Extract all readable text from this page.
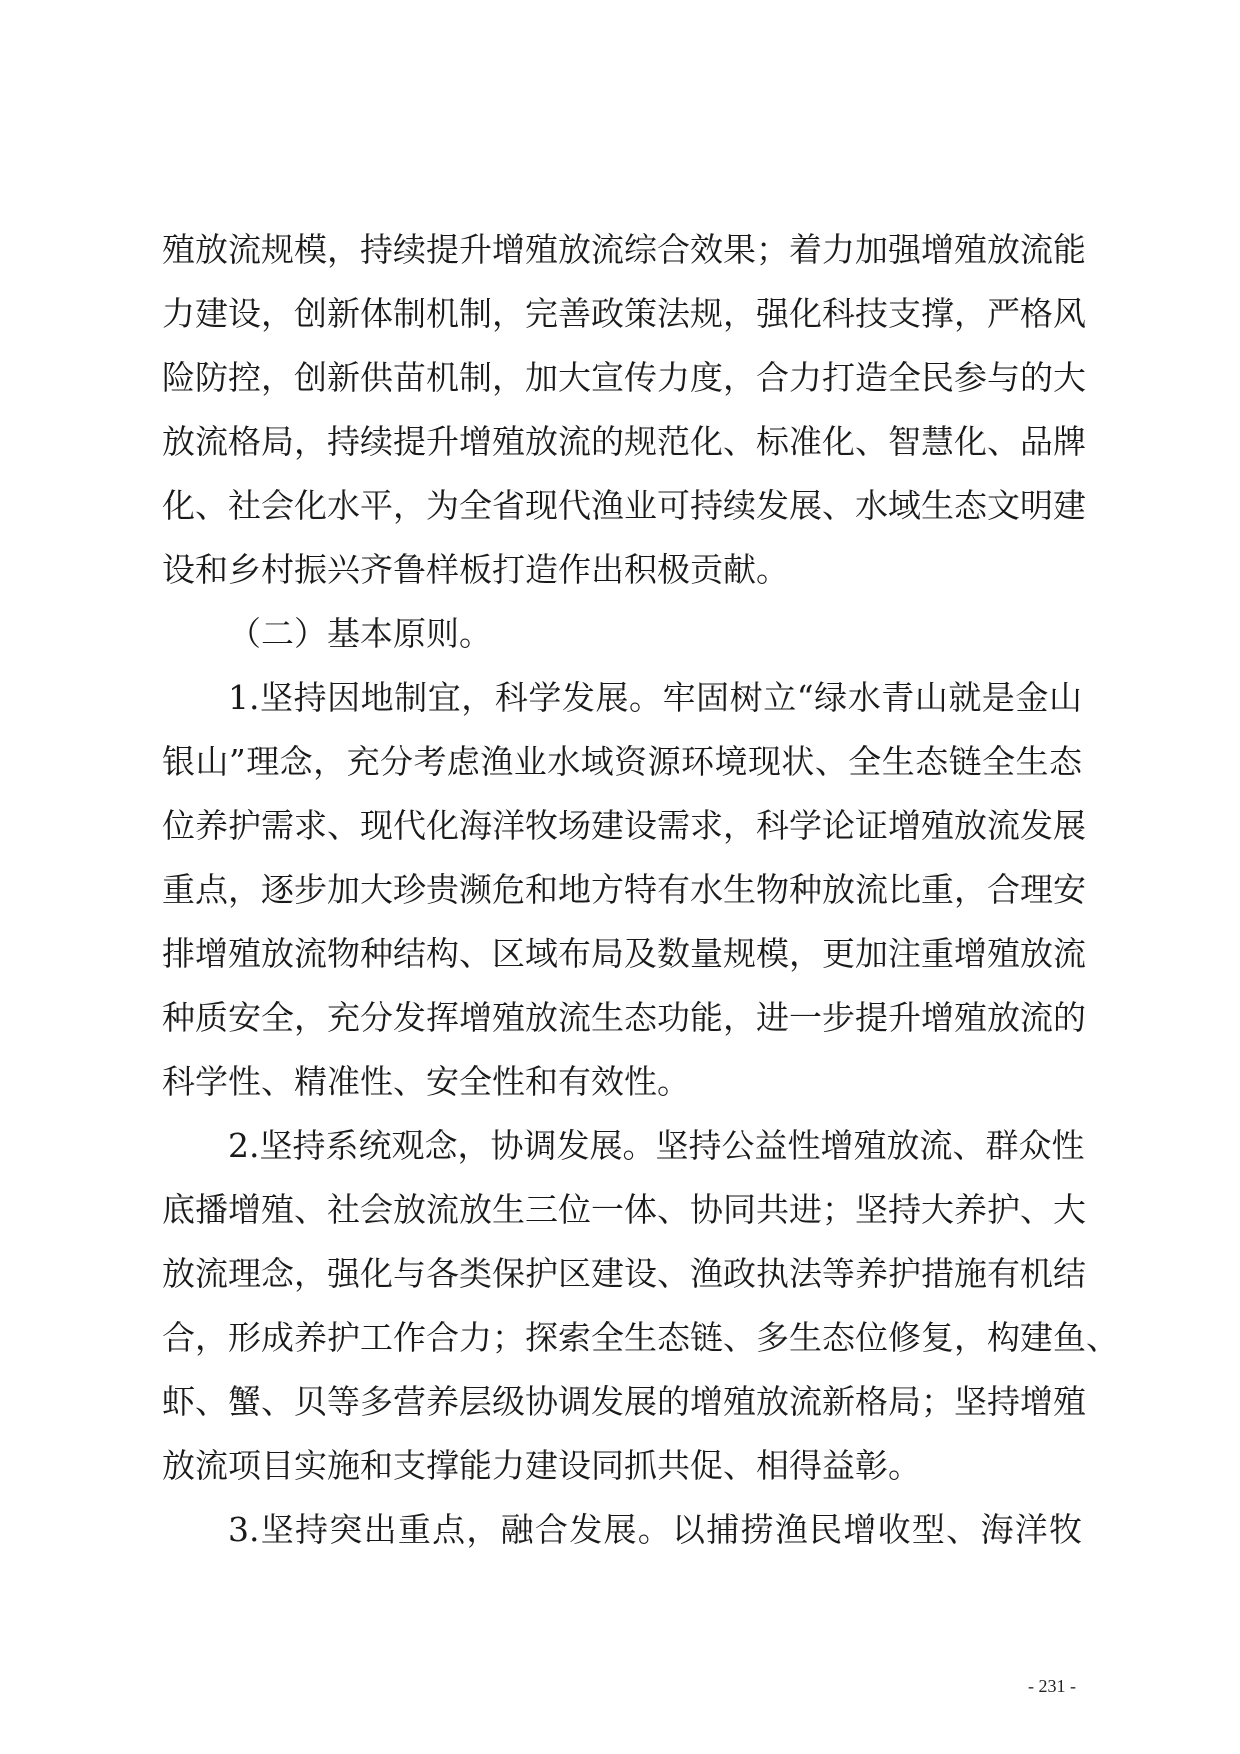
殖放流规模，持续提升增殖放流综合效果；着力加强增殖放流能
力建设，创新体制机制，完善政策法规，强化科技支撑，严格风
险防控，创新供苗机制，加大宣传力度，合力打造全民参与的大
放流格局，持续提升增殖放流的规范化、标准化、智慧化、品牌
化、社会化水平，为全省现代渔业可持续发展、水域生态文明建
设和乡村振兴齐鲁样板打造作出积极贡献。
（二）基本原则。
1.坚持因地制宜，科学发展。牢固树立“绿水青山就是金山
银山”理念，充分考虑渔业水域资源环境现状、全生态链全生态
位养护需求、现代化海洋牧场建设需求，科学论证增殖放流发展
重点，逐步加大珍贵濒危和地方特有水生物种放流比重，合理安
排增殖放流物种结构、区域布局及数量规模，更加注重增殖放流
种质安全，充分发挥增殖放流生态功能，进一步提升增殖放流的
科学性、精准性、安全性和有效性。
2.坚持系统观念，协调发展。坚持公益性增殖放流、群众性
底播增殖、社会放流放生三位一体、协同共进；坚持大养护、大
放流理念，强化与各类保护区建设、渔政执法等养护措施有机结
合，形成养护工作合力；探索全生态链、多生态位修复，构建鱼、
虾、蟹、贝等多营养层级协调发展的增殖放流新格局；坚持增殖
放流项目实施和支撑能力建设同抓共促、相得益彰。
3.坚持突出重点，融合发展。以捕捞渔民增收型、海洋牧
- 231 -
